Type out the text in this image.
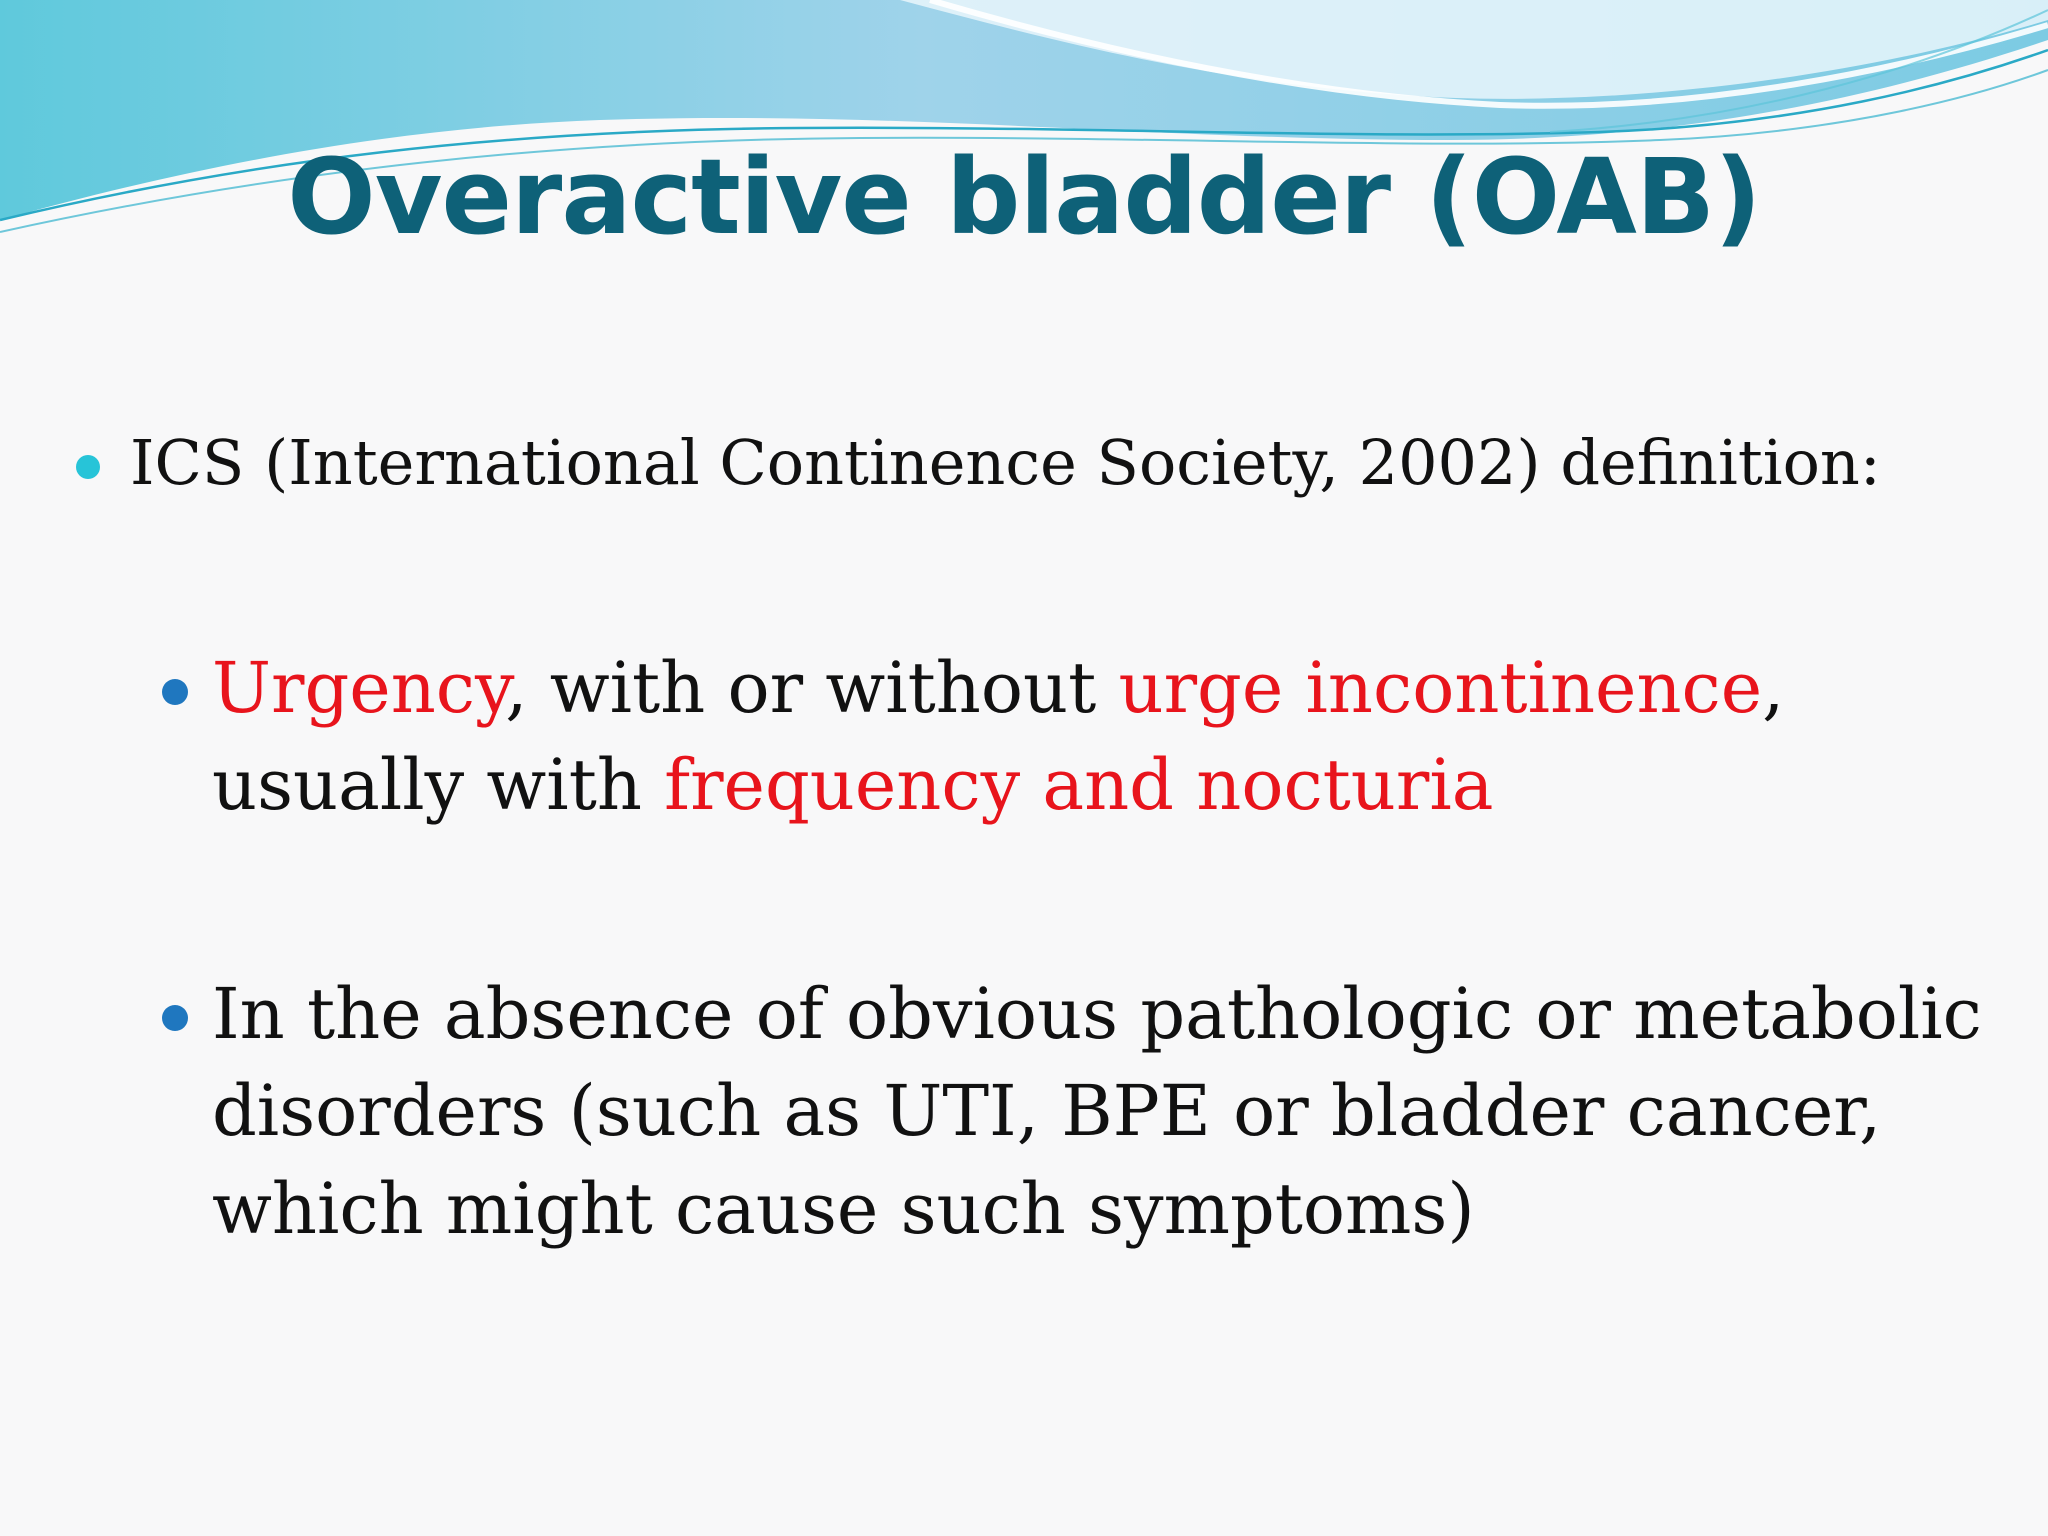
Overactive bladder (OAB)

ICS (International Continence Society, 2002) definition:

Urgency, with or without urge incontinence,
usually with frequency and nocturia

In the absence of obvious pathologic or metabolic
disorders (such as UTI, BPE or bladder cancer,
which might cause such symptoms)
